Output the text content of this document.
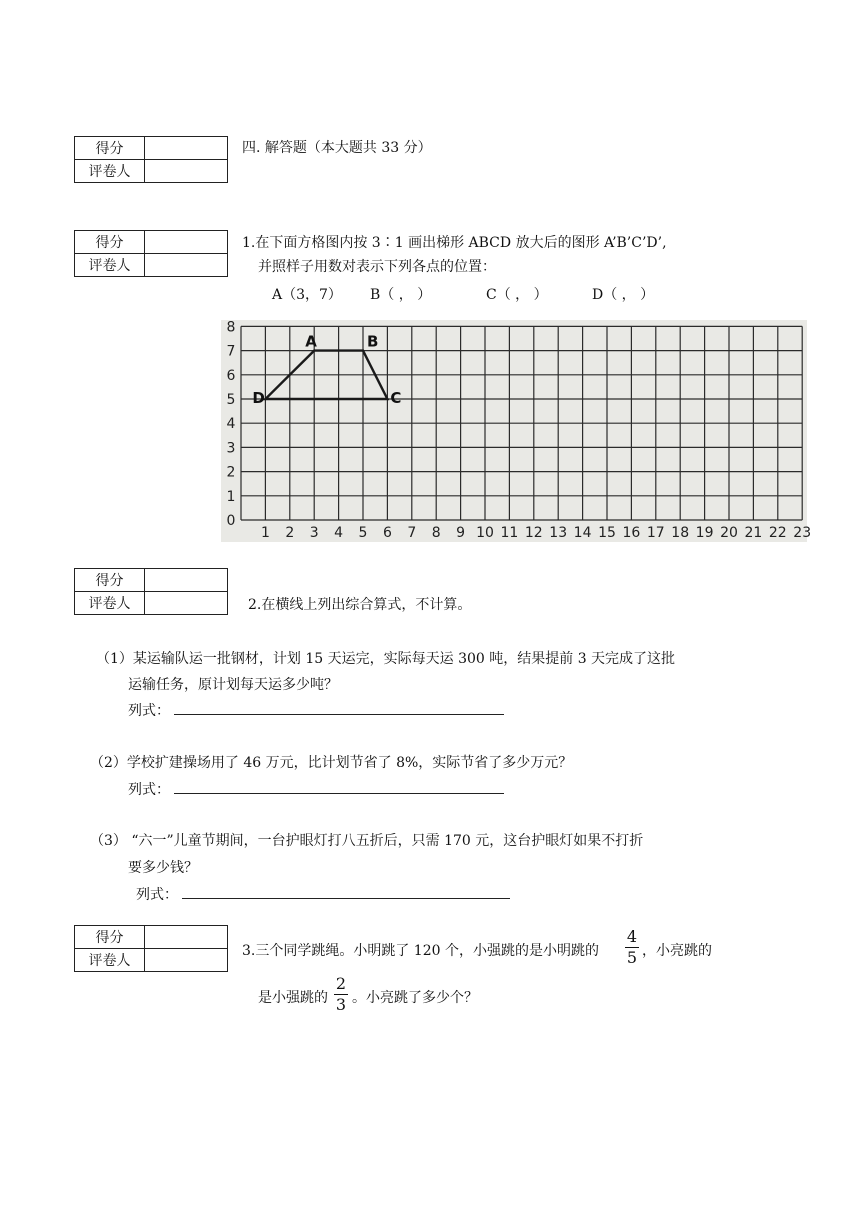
得分	
评卷人	
四. 解答题（本大题共 33 分）
得分	
评卷人	
1.在下面方格图内按 3∶1 画出梯形 ABCD 放大后的图形 A’B’C’D’,
并照样子用数对表示下列各点的位置：
A（3，7） B（ ， ）	C（ ， ）	D（ ， ）
1 2 3 4 5 6 7 8 9 10 11 12 13 14 15 16 17 18 19 20 21 22 23
0
1
2
3
4
5
6
7
8
A	B
C
D
得分	
评卷人		2.在横线上列出综合算式，不计算。
（1）某运输队运一批钢材，计划 15 天运完，实际每天运 300 吨，结果提前 3 天完成了这批
运输任务，原计划每天运多少吨？
列式：
（2）学校扩建操场用了 46 万元，比计划节省了 8%，实际节省了多少万元？
列式：
（3） “六一”儿童节期间，一台护眼灯打八五折后，只需 170 元，这台护眼灯如果不打折
要多少钱？
列式：
得分	
评卷人	
3.三个同学跳绳。小明跳了 120 个，小强跳的是小明跳的
4
5 ，小亮跳的
是小强跳的
2
3 。小亮跳了多少个？
